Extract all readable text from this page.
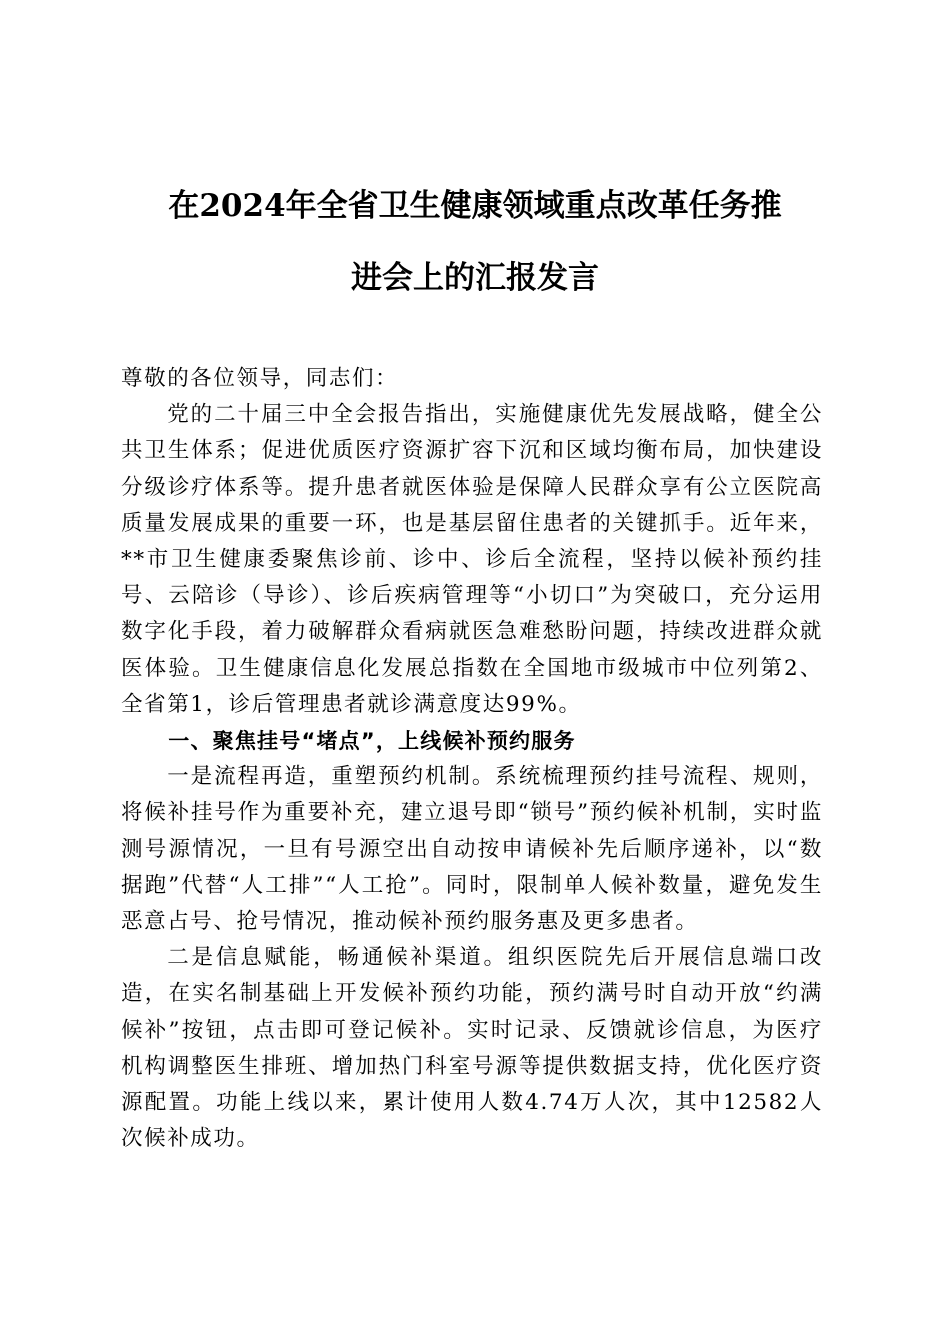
在2024年全省卫生健康领域重点改革任务推
进会上的汇报发言

尊敬的各位领导，同志们：

党的二十届三中全会报告指出，实施健康优先发展战略，健全公共卫生体系；促进优质医疗资源扩容下沉和区域均衡布局，加快建设分级诊疗体系等。提升患者就医体验是保障人民群众享有公立医院高质量发展成果的重要一环，也是基层留住患者的关键抓手。近年来，**市卫生健康委聚焦诊前、诊中、诊后全流程，坚持以候补预约挂号、云陪诊（导诊）、诊后疾病管理等“小切口”为突破口，充分运用数字化手段，着力破解群众看病就医急难愁盼问题，持续改进群众就医体验。卫生健康信息化发展总指数在全国地市级城市中位列第2、全省第1，诊后管理患者就诊满意度达99%。

一、聚焦挂号“堵点”，上线候补预约服务

一是流程再造，重塑预约机制。系统梳理预约挂号流程、规则，将候补挂号作为重要补充，建立退号即“锁号”预约候补机制，实时监测号源情况，一旦有号源空出自动按申请候补先后顺序递补，以“数据跑”代替“人工排”“人工抢”。同时，限制单人候补数量，避免发生恶意占号、抢号情况，推动候补预约服务惠及更多患者。

二是信息赋能，畅通候补渠道。组织医院先后开展信息端口改造，在实名制基础上开发候补预约功能，预约满号时自动开放“约满候补”按钮，点击即可登记候补。实时记录、反馈就诊信息，为医疗机构调整医生排班、增加热门科室号源等提供数据支持，优化医疗资源配置。功能上线以来，累计使用人数4.74万人次，其中12582人次候补成功。
